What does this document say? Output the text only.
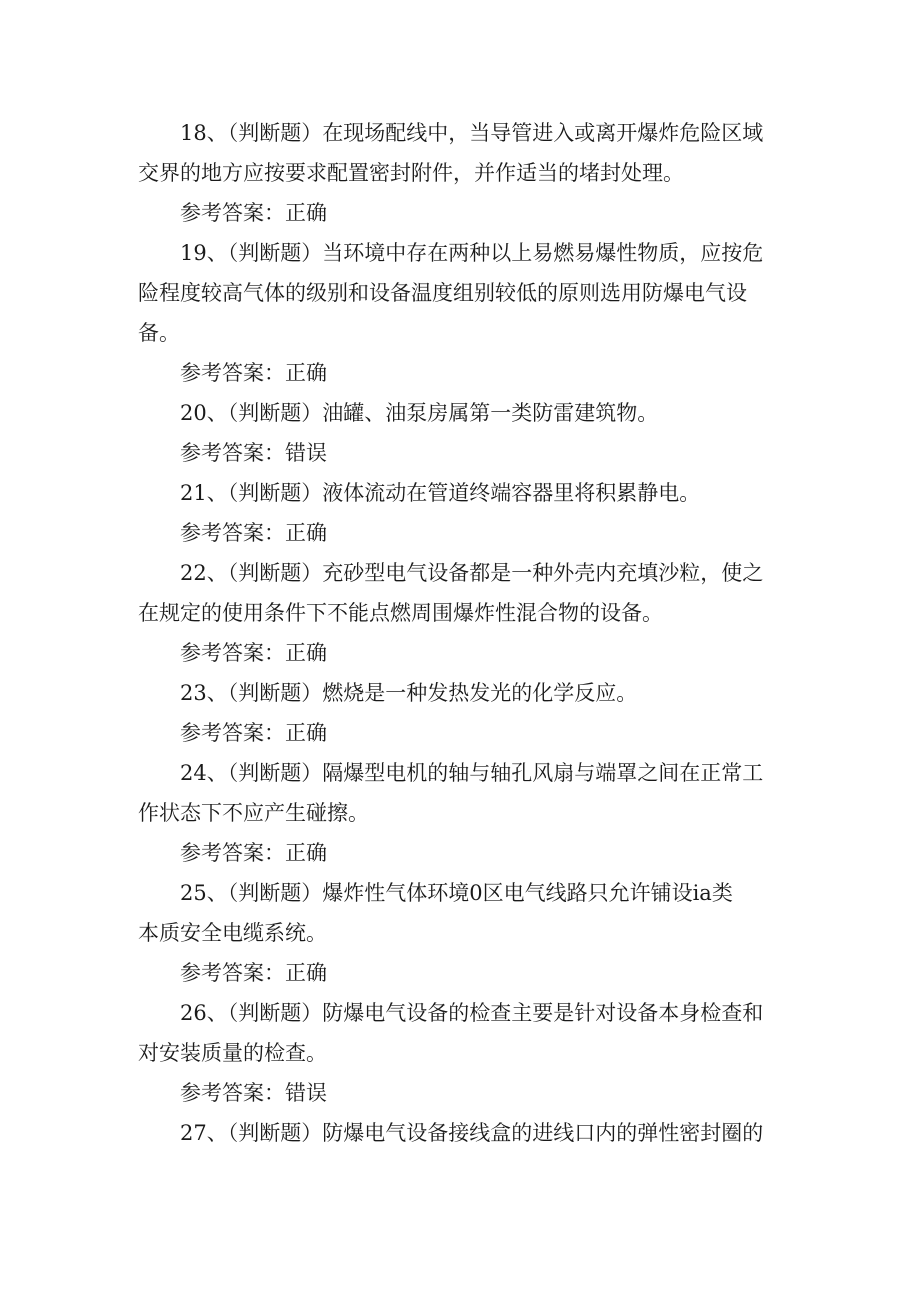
18、（判断题）在现场配线中，当导管进入或离开爆炸危险区域
交界的地方应按要求配置密封附件，并作适当的堵封处理。
参考答案：正确
19、（判断题）当环境中存在两种以上易燃易爆性物质，应按危
险程度较高气体的级别和设备温度组别较低的原则选用防爆电气设
备。
参考答案：正确
20、（判断题）油罐、油泵房属第一类防雷建筑物。
参考答案：错误
21、（判断题）液体流动在管道终端容器里将积累静电。
参考答案：正确
22、（判断题）充砂型电气设备都是一种外壳内充填沙粒，使之
在规定的使用条件下不能点燃周围爆炸性混合物的设备。
参考答案：正确
23、（判断题）燃烧是一种发热发光的化学反应。
参考答案：正确
24、（判断题）隔爆型电机的轴与轴孔风扇与端罩之间在正常工
作状态下不应产生碰擦。
参考答案：正确
25、（判断题）爆炸性气体环境0区电气线路只允许铺设ia类
本质安全电缆系统。
参考答案：正确
26、（判断题）防爆电气设备的检查主要是针对设备本身检查和
对安装质量的检查。
参考答案：错误
27、（判断题）防爆电气设备接线盒的进线口内的弹性密封圈的
